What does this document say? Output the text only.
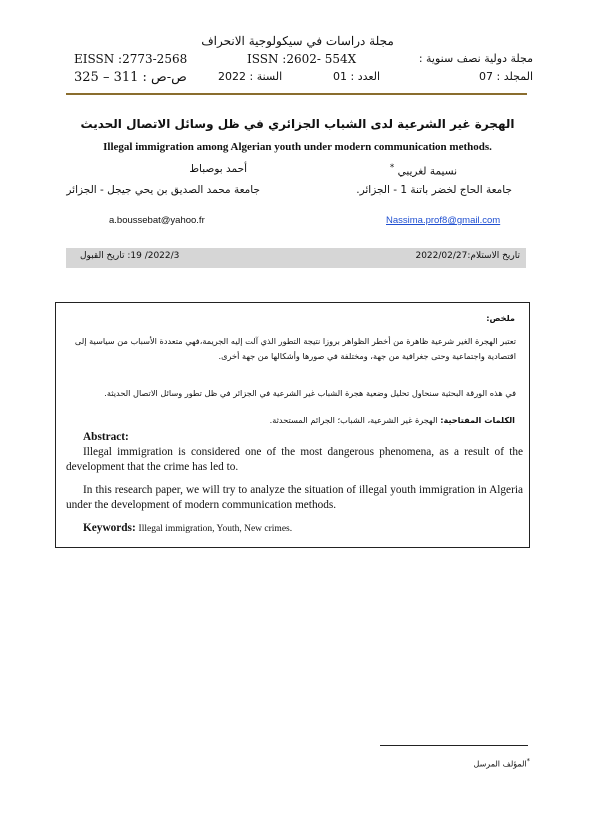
مجلة دراسات في سيكولوجية الانحراف
EISSN :2773-2568	ISSN :2602- 554X	مجلة دولية نصف سنوية :
325 – 311 : ص-ص	السنة : 2022	العدد : 01	المجلد : 07
الهجرة غير الشرعية لدى الشباب الجزائري في ظل وسائل الاتصال الحديث
Illegal immigration among Algerian youth under modern communication methods.
نسيمة لغريبي *
أحمد بوصباط
جامعة الحاج لخضر باتنة 1 - الجزائر.
جامعة محمد الصديق بن يحي جيجل - الجزائر
Nassima.prof8@gmail.com
a.boussebat@yahoo.fr
تاريخ الاستلام:2022/02/27
2022/3/ 19: تاريخ القبول
ملخص:
تعتبر الهجرة الغير شرعية ظاهرة من أخطر الظواهر بروزا نتيجة التطور الذي آلت إليه الجريمة،فهي متعددة الأسباب من سياسية إلى اقتصادية واجتماعية وحتى جغرافية من جهة، ومختلفة في صورها وأشكالها من جهة أخرى.
في هذه الورقة البحثية سنحاول تحليل وضعية هجرة الشباب غير الشرعية في الجزائر في ظل تطور وسائل الاتصال الحديثة.
الكلمات المفتاحية: الهجرة غير الشرعية، الشباب؛ الجرائم المستحدثة.
Abstract:
Illegal immigration is considered one of the most dangerous phenomena, as a result of the development that the crime has led to.
In this research paper, we will try to analyze the situation of illegal youth immigration in Algeria under the development of modern communication methods.
Keywords: Illegal immigration, Youth, New crimes.
*المؤلف المرسل
